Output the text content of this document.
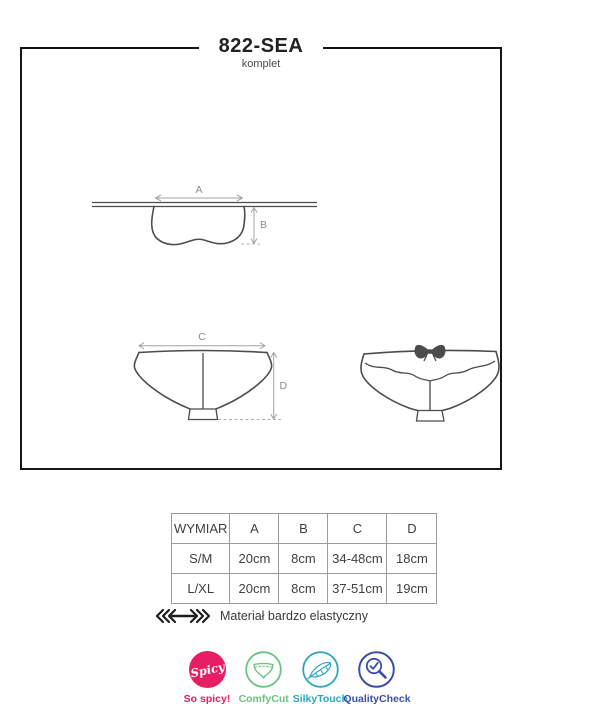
822-SEA
komplet
A
B
C
D
WYMIAR	A	B	C	D
S/M	20cm	8cm	34-48cm	18cm
L/XL	20cm	8cm	37-51cm	19cm
Materiał bardzo elastyczny
Spicy
So spicy! ComfyCut SilkyTouch
QualityCheck
